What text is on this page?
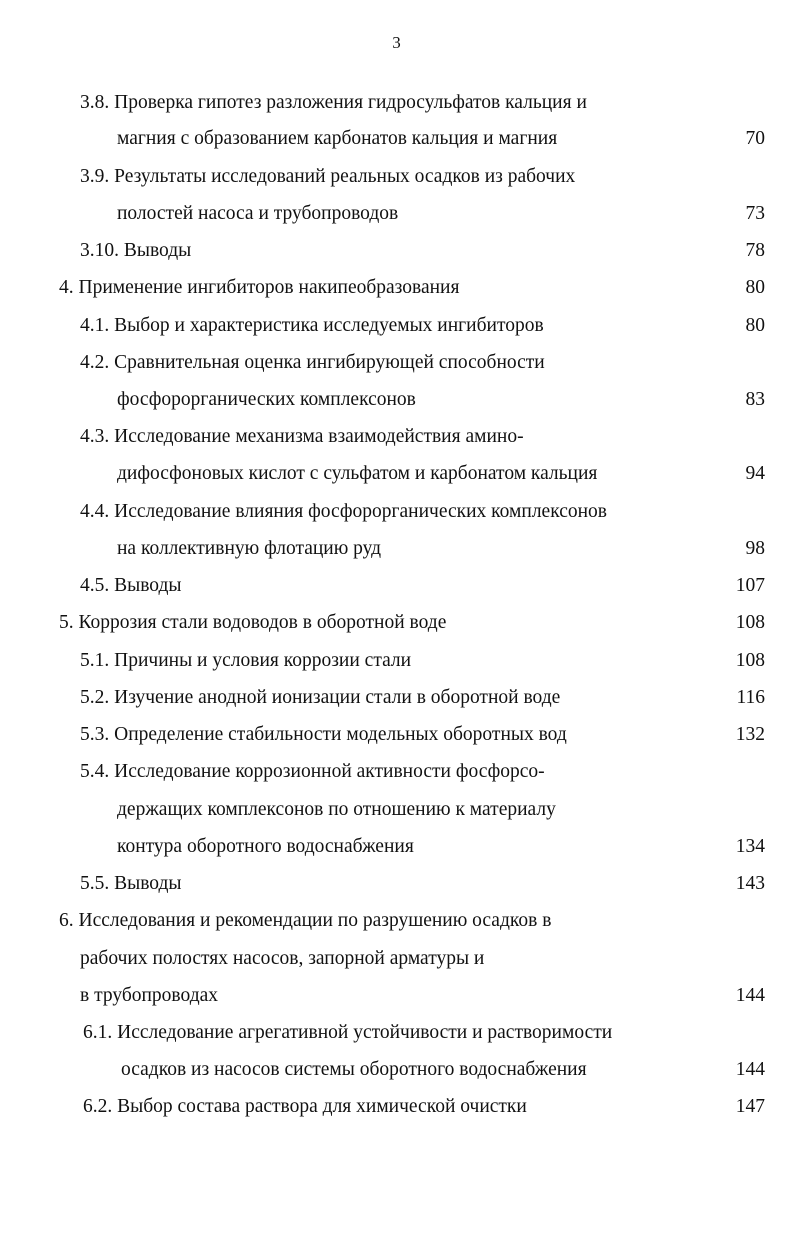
3
3.8. Проверка гипотез разложения гидросульфатов кальция и
магния с образованием карбонатов кальция и магния	70
3.9. Результаты исследований реальных осадков из рабочих
полостей насоса и трубопроводов	73
3.10. Выводы	78
4. Применение ингибиторов накипеобразования	80
4.1. Выбор и характеристика исследуемых ингибиторов	80
4.2. Сравнительная оценка ингибирующей способности
фосфорорганических комплексонов	83
4.3. Исследование механизма взаимодействия амино-
дифосфоновых кислот с сульфатом и карбонатом кальция	94
4.4. Исследование влияния фосфорорганических комплексонов
на коллективную флотацию руд	98
4.5. Выводы	107
5. Коррозия стали водоводов в оборотной воде	108
5.1. Причины и условия коррозии стали	108
5.2. Изучение анодной ионизации стали в оборотной воде	116
5.3. Определение стабильности модельных оборотных вод	132
5.4. Исследование коррозионной активности фосфорсо-
держащих комплексонов по отношению к материалу
контура оборотного водоснабжения	134
5.5. Выводы	143
6. Исследования и рекомендации по разрушению осадков в
рабочих полостях насосов, запорной арматуры и
в трубопроводах	144
6.1. Исследование агрегативной устойчивости и растворимости
осадков из насосов системы оборотного водоснабжения	144
6.2. Выбор состава раствора для химической очистки	147
